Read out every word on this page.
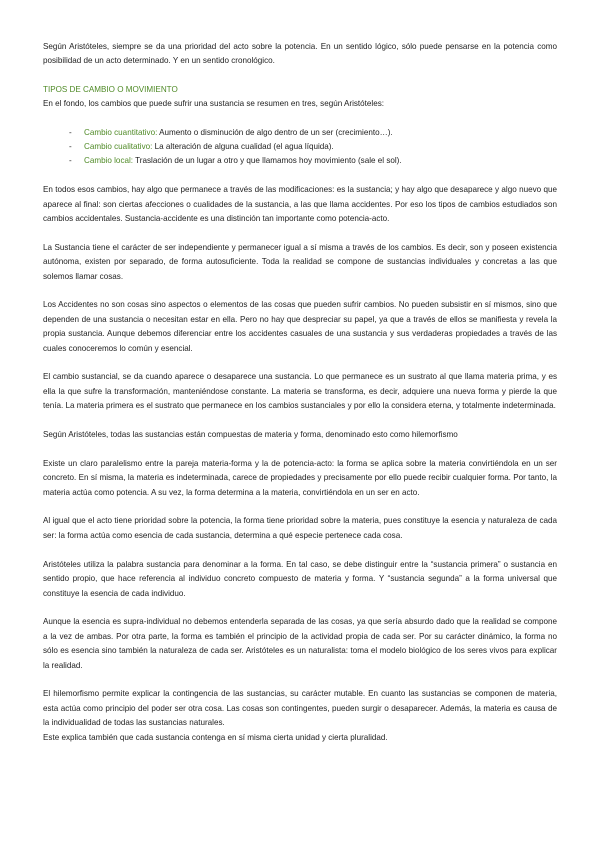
Según Aristóteles, siempre se da una prioridad del acto sobre la potencia. En un sentido lógico, sólo puede pensarse en la potencia como posibilidad de un acto determinado. Y en un sentido cronológico.

TIPOS DE CAMBIO O MOVIMIENTO

En el fondo, los cambios que puede sufrir una sustancia se resumen en tres, según Aristóteles:

- Cambio cuantitativo: Aumento o disminución de algo dentro de un ser (crecimiento…).
- Cambio cualitativo: La alteración de alguna cualidad (el agua líquida).
- Cambio local: Traslación de un lugar a otro y que llamamos hoy movimiento (sale el sol).

En todos esos cambios, hay algo que permanece a través de las modificaciones: es la sustancia; y hay algo que desaparece y algo nuevo que aparece al final: son ciertas afecciones o cualidades de la sustancia, a las que llama accidentes. Por eso los tipos de cambios estudiados son cambios accidentales. Sustancia-accidente es una distinción tan importante como potencia-acto.

La Sustancia tiene el carácter de ser independiente y permanecer igual a sí misma a través de los cambios. Es decir, son y poseen existencia autónoma, existen por separado, de forma autosuficiente. Toda la realidad se compone de sustancias individuales y concretas a las que solemos llamar cosas.

Los Accidentes no son cosas sino aspectos o elementos de las cosas que pueden sufrir cambios. No pueden subsistir en sí mismos, sino que dependen de una sustancia o necesitan estar en ella. Pero no hay que despreciar su papel, ya que a través de ellos se manifiesta y revela la propia sustancia. Aunque debemos diferenciar entre los accidentes casuales de una sustancia y sus verdaderas propiedades a través de las cuales conoceremos lo común y esencial.

El cambio sustancial, se da cuando aparece o desaparece una sustancia. Lo que permanece es un sustrato al que llama materia prima, y es ella la que sufre la transformación, manteniéndose constante. La materia se transforma, es decir, adquiere una nueva forma y pierde la que tenía. La materia primera es el sustrato que permanece en los cambios sustanciales y por ello la considera eterna, y totalmente indeterminada.

Según Aristóteles, todas las sustancias están compuestas de materia y forma, denominado esto como hilemorfismo

Existe un claro paralelismo entre la pareja materia-forma y la de potencia-acto: la forma se aplica sobre la materia convirtiéndola en un ser concreto. En sí misma, la materia es indeterminada, carece de propiedades y precisamente por ello puede recibir cualquier forma. Por tanto, la materia actúa como potencia. A su vez, la forma determina a la materia, convirtiéndola en un ser en acto.

Al igual que el acto tiene prioridad sobre la potencia, la forma tiene prioridad sobre la materia, pues constituye la esencia y naturaleza de cada ser: la forma actúa como esencia de cada sustancia, determina a qué especie pertenece cada cosa.

Aristóteles utiliza la palabra sustancia para denominar a la forma. En tal caso, se debe distinguir entre la “sustancia primera” o sustancia en sentido propio, que hace referencia al individuo concreto compuesto de materia y forma. Y “sustancia segunda” a la forma universal que constituye la esencia de cada individuo.

Aunque la esencia es supra-individual no debemos entenderla separada de las cosas, ya que sería absurdo dado que la realidad se compone a la vez de ambas. Por otra parte, la forma es también el principio de la actividad propia de cada ser. Por su carácter dinámico, la forma no sólo es esencia sino también la naturaleza de cada ser. Aristóteles es un naturalista: toma el modelo biológico de los seres vivos para explicar la realidad.

El hilemorfismo permite explicar la contingencia de las sustancias, su carácter mutable. En cuanto las sustancias se componen de materia, esta actúa como principio del poder ser otra cosa. Las cosas son contingentes, pueden surgir o desaparecer. Además, la materia es causa de la individualidad de todas las sustancias naturales.

Este explica también que cada sustancia contenga en sí misma cierta unidad y cierta pluralidad.
